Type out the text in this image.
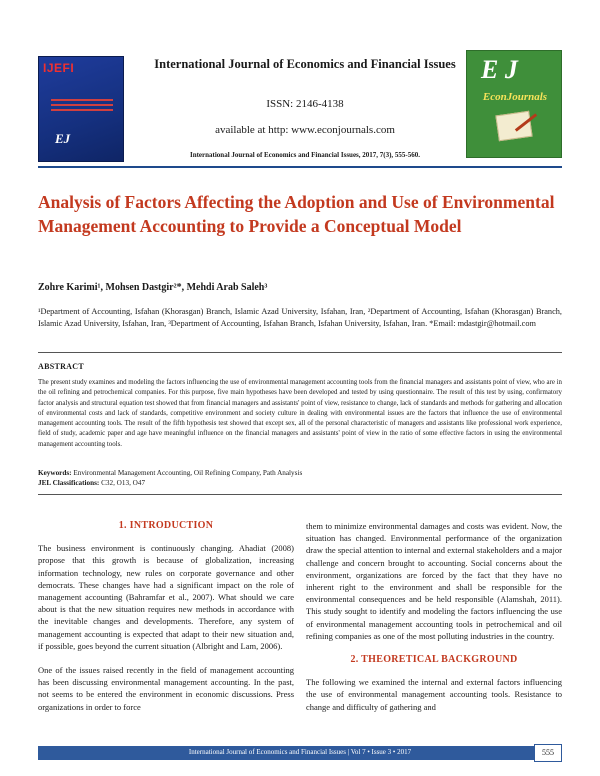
IJEFI
EJ
International Journal of Economics and Financial Issues
ISSN: 2146-4138
available at http: www.econjournals.com
International Journal of Economics and Financial Issues, 2017, 7(3), 555-560.
E J
EconJournals
Analysis of Factors Affecting the Adoption and Use of Environmental Management Accounting to Provide a Conceptual Model
Zohre Karimi¹, Mohsen Dastgir²*, Mehdi Arab Saleh³
¹Department of Accounting, Isfahan (Khorasgan) Branch, Islamic Azad University, Isfahan, Iran, ²Department of Accounting, Isfahan (Khorasgan) Branch, Islamic Azad University, Isfahan, Iran, ³Department of Accounting, Isfahan Branch, Isfahan University, Isfahan, Iran. *Email: mdastgir@hotmail.com
ABSTRACT
The present study examines and modeling the factors influencing the use of environmental management accounting tools from the financial managers and assistants point of view, who are in the oil refining and petrochemical companies. For this purpose, five main hypotheses have been developed and tested by using questionnaire. The result of this test by using, confirmatory factor analysis and structural equation test showed that from financial managers and assistants' point of view, resistance to change, lack of standards and methods for gathering and allocation of environmental costs and lack of standards, competitive environment and society culture in dealing with environmental issues are the factors that influence the use of environmental management accounting tools. The result of the fifth hypothesis test showed that except sex, all of the personal characteristic of managers and assistants like professional work experience, field of study, academic paper and age have meaningful influence on the financial managers and assistants' point of view in the ratio of some effective factors in using the environmental management accounting tools.
Keywords: Environmental Management Accounting, Oil Refining Company, Path Analysis
JEL Classifications: C32, O13, O47
1. INTRODUCTION

The business environment is continuously changing. Ahadiat (2008) propose that this growth is because of globalization, increasing information technology, new rules on corporate governance and other democrats. These changes have had a significant impact on the role of management accounting (Bahramfar et al., 2007). What should we care about is that the new situation requires new methods in accordance with the inevitable changes and developments. Therefore, any system of management accounting is expected that adapt to their new situation and, if possible, goes beyond the current situation (Albright and Lam, 2006).

One of the issues raised recently in the field of management accounting has been discussing environmental management accounting. In the past, not seems to be entered the environment in economic discussions. Press organizations in order to force

them to minimize environmental damages and costs was evident. Now, the situation has changed. Environmental performance of the organization draw the special attention to internal and external stakeholders and a major challenge and concern brought to accounting. Social concerns about the environment, organizations are forced by the fact that they have no inherent right to the environment and shall be responsible for the environmental consequences and be held responsible (Alamshah, 2011). This study sought to identify and modeling the factors influencing the use of environmental management accounting tools in petrochemical and oil refining companies as one of the most polluting industries in the country.

2. THEORETICAL BACKGROUND

The following we examined the internal and external factors influencing the use of environmental management accounting tools. Resistance to change and difficulty of gathering and

International Journal of Economics and Financial Issues | Vol 7 • Issue 3 • 2017	555
